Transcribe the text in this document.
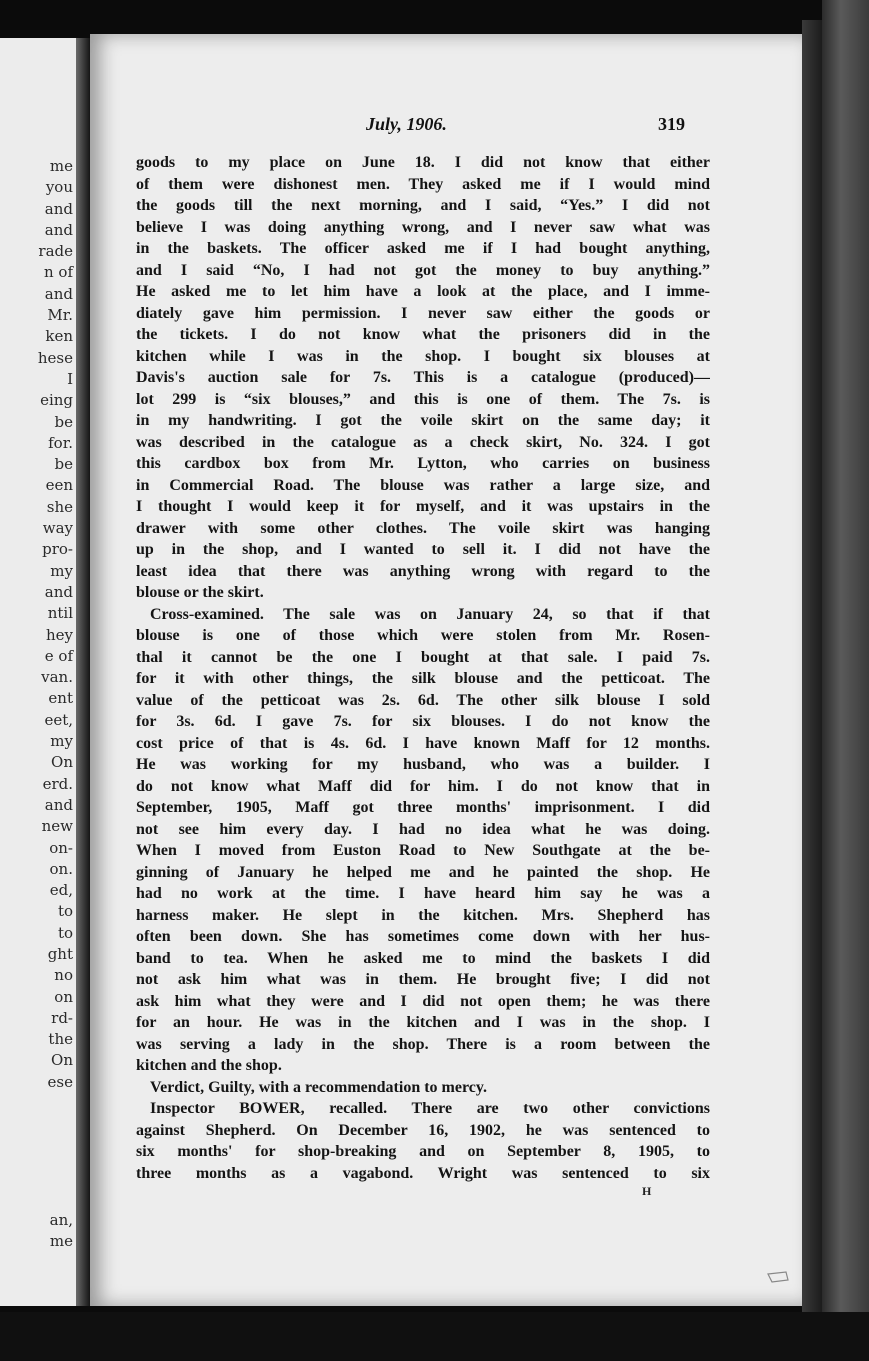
me
you
and
and
rade
n of
and
Mr.
ken
hese
I
eing
be
for.
be
een
she
way
pro-
my
and
ntil
hey
e of
van.
ent
eet,
my
On
erd.
and
new
on-
on.
ed,
to
to
ght
no
on
rd-
the
On
ese
an,
me
July, 1906.	319
goods to my place on June 18. I did not know that either
of them were dishonest men. They asked me if I would mind
the goods till the next morning, and I said, “Yes.” I did not
believe I was doing anything wrong, and I never saw what was
in the baskets. The officer asked me if I had bought anything,
and I said “No, I had not got the money to buy anything.”
He asked me to let him have a look at the place, and I imme-
diately gave him permission. I never saw either the goods or
the tickets. I do not know what the prisoners did in the
kitchen while I was in the shop. I bought six blouses at
Davis's auction sale for 7s. This is a catalogue (produced)—
lot 299 is “six blouses,” and this is one of them. The 7s. is
in my handwriting. I got the voile skirt on the same day; it
was described in the catalogue as a check skirt, No. 324. I got
this cardbox box from Mr. Lytton, who carries on business
in Commercial Road. The blouse was rather a large size, and
I thought I would keep it for myself, and it was upstairs in the
drawer with some other clothes. The voile skirt was hanging
up in the shop, and I wanted to sell it. I did not have the
least idea that there was anything wrong with regard to the
blouse or the skirt.
Cross-examined. The sale was on January 24, so that if that
blouse is one of those which were stolen from Mr. Rosen-
thal it cannot be the one I bought at that sale. I paid 7s.
for it with other things, the silk blouse and the petticoat. The
value of the petticoat was 2s. 6d. The other silk blouse I sold
for 3s. 6d. I gave 7s. for six blouses. I do not know the
cost price of that is 4s. 6d. I have known Maff for 12 months.
He was working for my husband, who was a builder. I
do not know what Maff did for him. I do not know that in
September, 1905, Maff got three months' imprisonment. I did
not see him every day. I had no idea what he was doing.
When I moved from Euston Road to New Southgate at the be-
ginning of January he helped me and he painted the shop. He
had no work at the time. I have heard him say he was a
harness maker. He slept in the kitchen. Mrs. Shepherd has
often been down. She has sometimes come down with her hus-
band to tea. When he asked me to mind the baskets I did
not ask him what was in them. He brought five; I did not
ask him what they were and I did not open them; he was there
for an hour. He was in the kitchen and I was in the shop. I
was serving a lady in the shop. There is a room between the
kitchen and the shop.
Verdict, Guilty, with a recommendation to mercy.
Inspector BOWER, recalled. There are two other convictions
against Shepherd. On December 16, 1902, he was sentenced to
six months' for shop-breaking and on September 8, 1905, to
three months as a vagabond. Wright was sentenced to six
H
